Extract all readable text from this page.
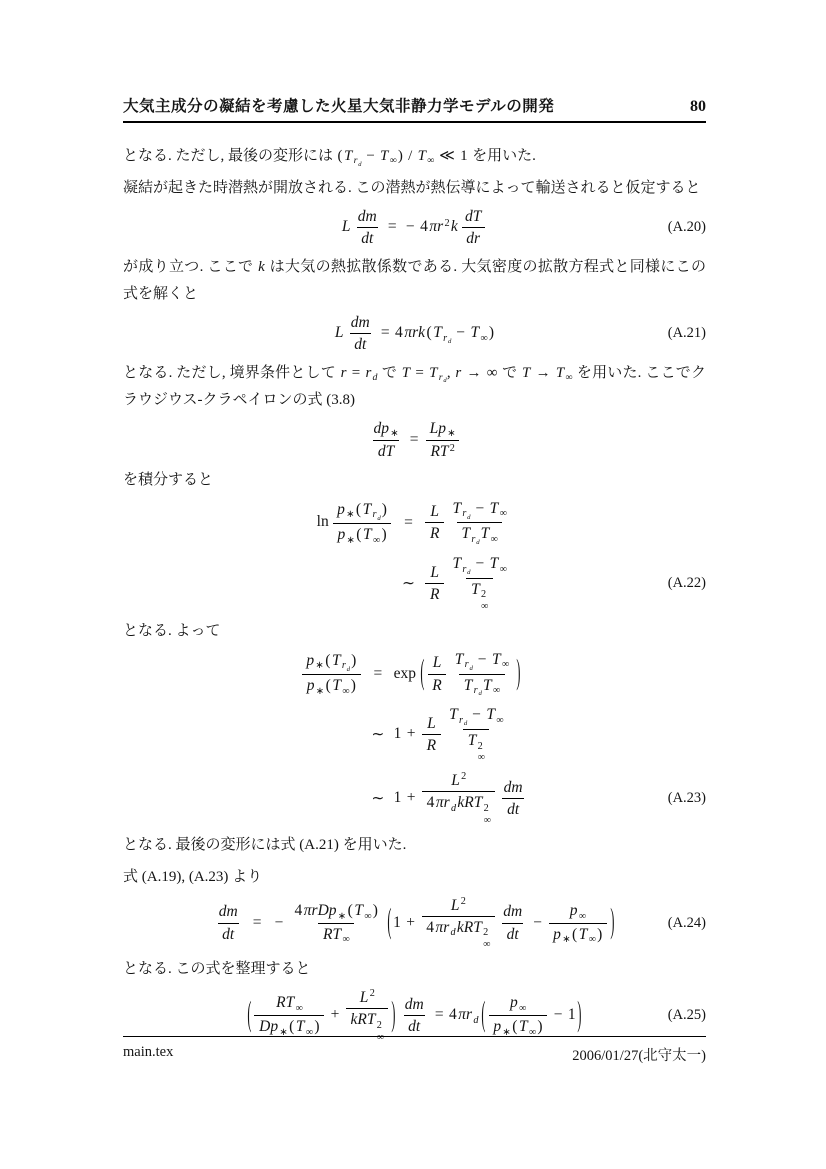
大気主成分の凝結を考慮した火星大気非静力学モデルの開発	80

となる. ただし, 最後の変形には ( $T_{r_d}- T_\infty) / T_\infty$ ≪ 1 を用いた.

凝結が起きた時潜熱が開放される. この潜熱が熱伝導によって輸送されると仮定すると

L $\frac{dm}{dt}$ = − $4\pi r^2k \frac{dT}{dr}$	(A.20)

が成り立つ. ここで k は大気の熱拡散係数である. 大気密度の拡散方程式と同様にこの式を解くと

L $\frac{dm}{dt} = 4\pi rk(T_{r_d}- T_\infty)$	(A.21)

となる. ただし, 境界条件として $r = r_d$ で $T = T_{r_d}$, r → ∞ で $T \to T_\infty$ を用いた. ここでクラウジウス-クラペイロンの式 (3.8)

$\frac{dp_∗}{dT} = \frac{Lp_∗}{RT^2}$

を積分すると

ln
$p_∗(T_{r_d})$
$p_∗(T_\infty)$
= $\frac{L}{R} T_{r_d}- T_\infty$
$T_{r_d}T_\infty$
∼ $\frac{L}{R} T_{r_d}- T_\infty$
T 2
∞
(A.22)

となる. よって

$p_∗(T_{r_d})$
$p_∗(T_\infty)$
= exp ( $\frac{L}{R} T_{r_d}- T_\infty$
$T_{r_d}T_\infty$ )
∼ $1 + \frac{L}{R} T_{r_d}- T_\infty$
T 2
∞
∼ 1 +
$L^2$
$4\pi r_dkRT$ 2
∞
$\frac{dm}{dt}$	(A.23)

となる. 最後の変形には式 (A.21) を用いた.

式 (A.19), (A.23) より

$\frac{dm}{dt}$ = −
$4\pi rDp_∗(T_\infty)$
$RT_\infty$ ( 1 +
$L^2$
$4\pi r_dkRT$ 2
∞
$\frac{dm}{dt} - \frac{p_\infty}{p_∗(T_\infty)}$ )	(A.24)

となる. この式を整理すると

( $\frac{RT_\infty}{Dp_∗(T_\infty)}$ +
$L^2$
kRT 2
∞
) $\frac{dm}{dt} = 4\pi r_d$ ( $\frac{p_\infty}{p_∗(T_\infty)} - 1$ )	(A.25)
main.tex	2006/01/27(北守太一)
